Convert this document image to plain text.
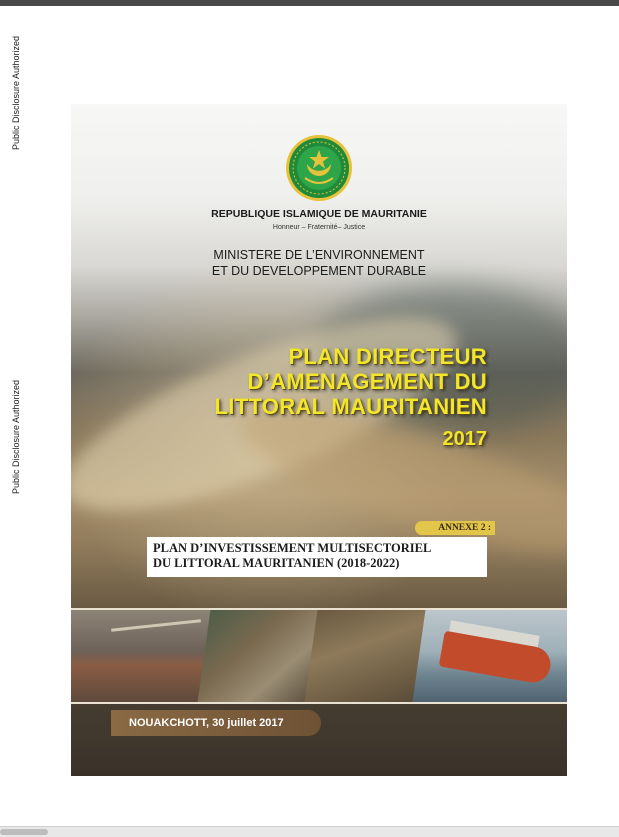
Public Disclosure Authorized
Public Disclosure Authorized
REPUBLIQUE ISLAMIQUE DE MAURITANIE
Honneur – Fraternité– Justice
MINISTERE DE L’ENVIRONNEMENT
ET DU DEVELOPPEMENT DURABLE
PLAN DIRECTEUR
D’AMENAGEMENT DU
LITTORAL MAURITANIEN
2017
ANNEXE 2 :
PLAN D’INVESTISSEMENT MULTISECTORIEL
DU LITTORAL MAURITANIEN (2018-2022)
NOUAKCHOTT, 30 juillet 2017
